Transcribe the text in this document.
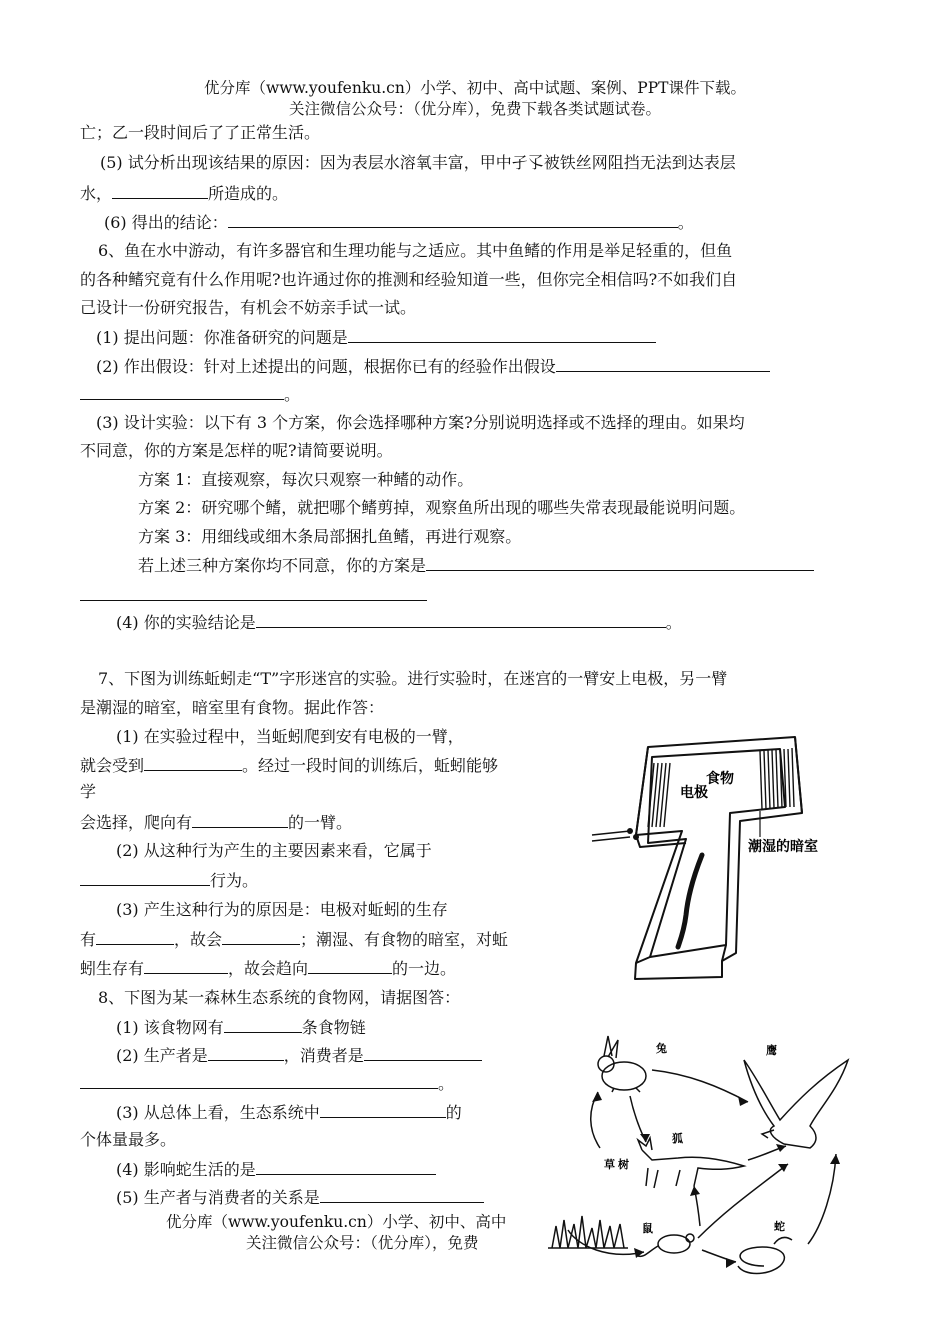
优分库（www.youfenku.cn）小学、初中、高中试题、案例、PPT课件下载。
关注微信公众号：（优分库），免费下载各类试题试卷。
亡；乙一段时间后了了正常生活。
(5) 试分析出现该结果的原因：因为表层水溶氧丰富，甲中孑孓被铁丝网阻挡无法到达表层
水，	所造成的。
(6) 得出的结论：	。
6、鱼在水中游动，有许多器官和生理功能与之适应。其中鱼鳍的作用是举足轻重的，但鱼
的各种鳍究竟有什么作用呢?也许通过你的推测和经验知道一些，但你完全相信吗?不如我们自
己设计一份研究报告，有机会不妨亲手试一试。
(1) 提出问题：你准备研究的问题是
(2) 作出假设：针对上述提出的问题，根据你已有的经验作出假设
。
(3) 设计实验：以下有 3 个方案，你会选择哪种方案?分别说明选择或不选择的理由。如果均
不同意，你的方案是怎样的呢?请简要说明。
方案 1：直接观察，每次只观察一种鳍的动作。
方案 2：研究哪个鳍，就把哪个鳍剪掉，观察鱼所出现的哪些失常表现最能说明问题。
方案 3：用细线或细木条局部捆扎鱼鳍，再进行观察。
若上述三种方案你均不同意，你的方案是
(4) 你的实验结论是	。
7、下图为训练蚯蚓走“T”字形迷宫的实验。进行实验时，在迷宫的一臂安上电极，另一臂
是潮湿的暗室，暗室里有食物。据此作答：
(1) 在实验过程中，当蚯蚓爬到安有电极的一臂，
就会受到	。经过一段时间的训练后，蚯蚓能够
学
会选择，爬向有	的一臂。
(2) 从这种行为产生的主要因素来看，它属于
行为。
(3) 产生这种行为的原因是：电极对蚯蚓的生存
有	，故会	；潮湿、有食物的暗室，对蚯
蚓生存有	，故会趋向	的一边。
电极
食物
潮湿的暗室
8、下图为某一森林生态系统的食物网，请据图答：
(1) 该食物网有	条食物链
(2) 生产者是	，消费者是
。
(3) 从总体上看，生态系统中	的
个体量最多。
(4) 影响蛇生活的是
(5) 生产者与消费者的关系是
兔	鹰
狐
草 树
鼠	蛇
优分库（www.youfenku.cn）小学、初中、高中
关注微信公众号：（优分库），免费
